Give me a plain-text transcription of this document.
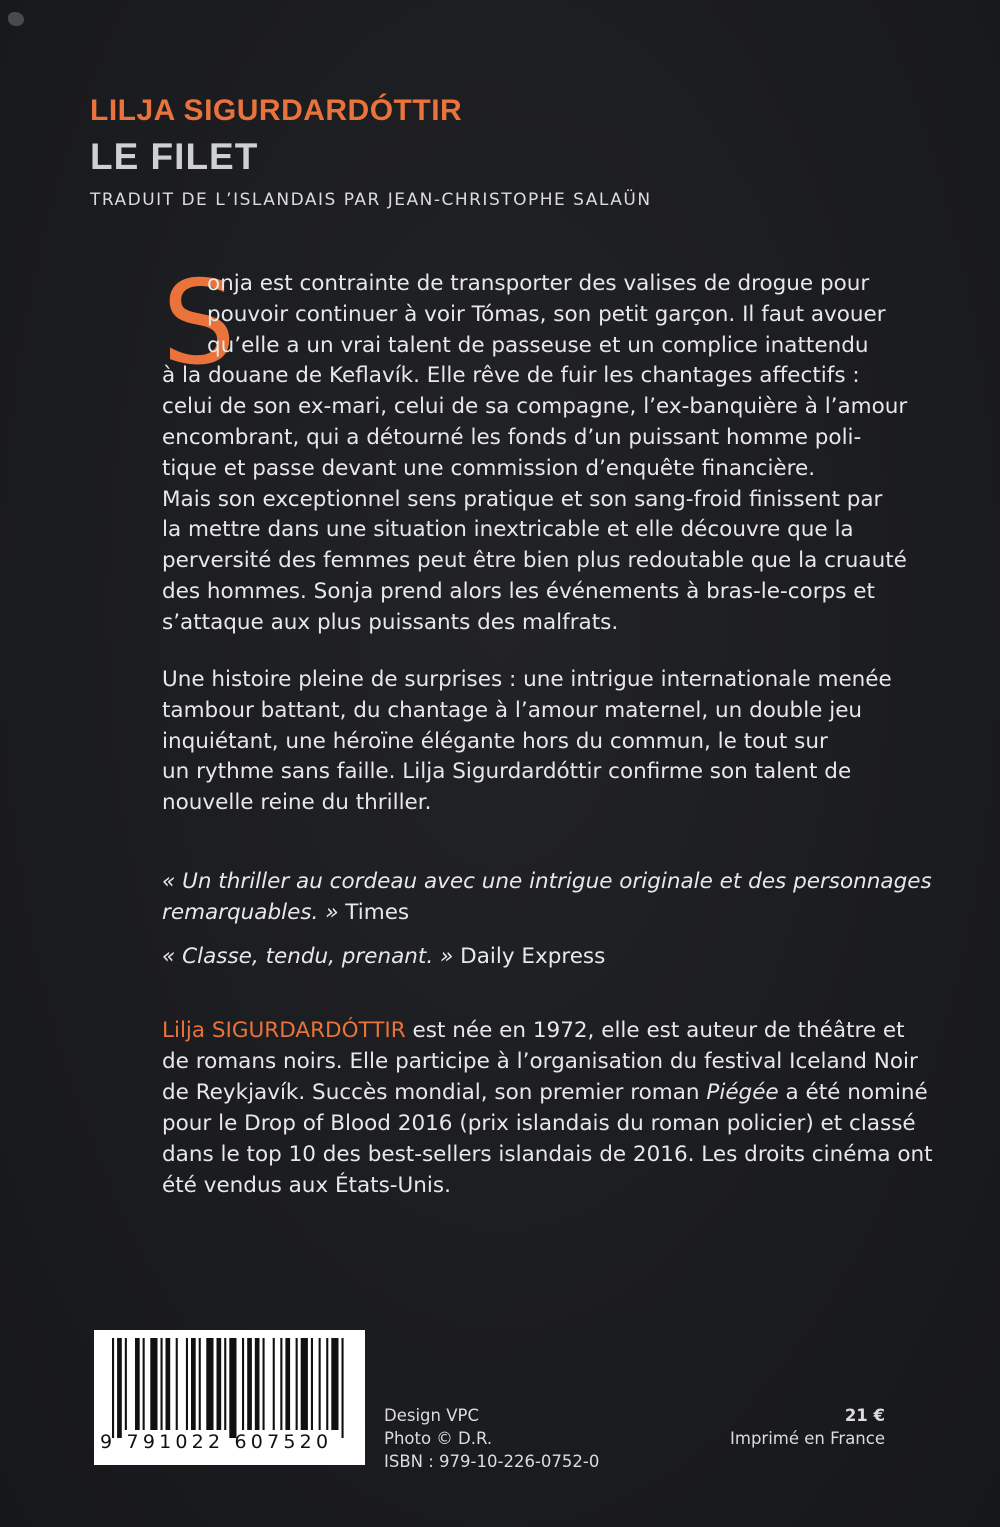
LILJA SIGURDARDÓTTIR
LE FILET
TRADUIT DE L’ISLANDAIS PAR JEAN-CHRISTOPHE SALAÜN
S
onja est contrainte de transporter des valises de drogue pour
pouvoir continuer à voir Tómas, son petit garçon. Il faut avouer
qu’elle a un vrai talent de passeuse et un complice inattendu
à la douane de Keflavík. Elle rêve de fuir les chantages affectifs :
celui de son ex-mari, celui de sa compagne, l’ex-banquière à l’amour
encombrant, qui a détourné les fonds d’un puissant homme poli-
tique et passe devant une commission d’enquête financière.
Mais son exceptionnel sens pratique et son sang-froid finissent par
la mettre dans une situation inextricable et elle découvre que la
perversité des femmes peut être bien plus redoutable que la cruauté
des hommes. Sonja prend alors les événements à bras-le-corps et
s’attaque aux plus puissants des malfrats.
Une histoire pleine de surprises : une intrigue internationale menée
tambour battant, du chantage à l’amour maternel, un double jeu
inquiétant, une héroïne élégante hors du commun, le tout sur
un rythme sans faille. Lilja Sigurdardóttir confirme son talent de
nouvelle reine du thriller.
« Un thriller au cordeau avec une intrigue originale et des personnages
remarquables. » Times
« Classe, tendu, prenant. » Daily Express
Lilja SIGURDARDÓTTIR est née en 1972, elle est auteur de théâtre et
de romans noirs. Elle participe à l’organisation du festival Iceland Noir
de Reykjavík. Succès mondial, son premier roman Piégée a été nominé
pour le Drop of Blood 2016 (prix islandais du roman policier) et classé
dans le top 10 des best-sellers islandais de 2016. Les droits cinéma ont
été vendus aux États-Unis.
9 791022 607520
Design VPC
Photo © D.R.
ISBN : 979-10-226-0752-0
21 €
Imprimé en France
